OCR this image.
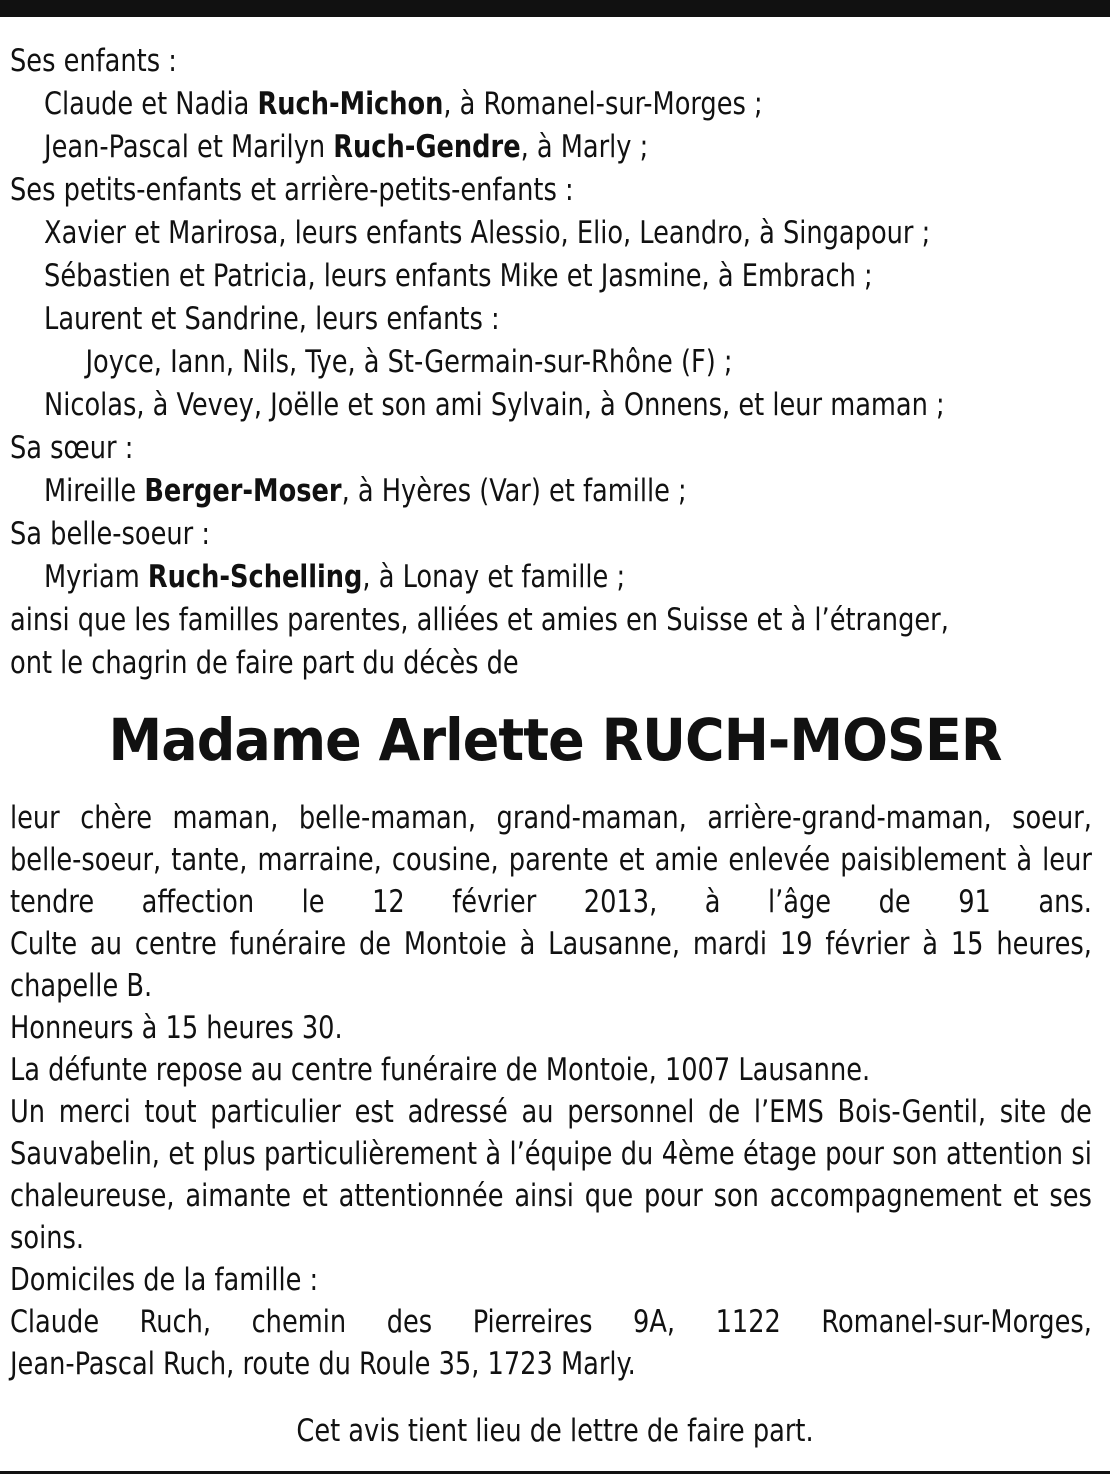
Ses enfants :
Claude et Nadia Ruch-Michon, à Romanel-sur-Morges ;
Jean-Pascal et Marilyn Ruch-Gendre, à Marly ;
Ses petits-enfants et arrière-petits-enfants :
Xavier et Marirosa, leurs enfants Alessio, Elio, Leandro, à Singapour ;
Sébastien et Patricia, leurs enfants Mike et Jasmine, à Embrach ;
Laurent et Sandrine, leurs enfants :
Joyce, Iann, Nils, Tye, à St-Germain-sur-Rhône (F) ;
Nicolas, à Vevey, Joëlle et son ami Sylvain, à Onnens, et leur maman ;
Sa sœur :
Mireille Berger-Moser, à Hyères (Var) et famille ;
Sa belle-soeur :
Myriam Ruch-Schelling, à Lonay et famille ;
ainsi que les familles parentes, alliées et amies en Suisse et à l’étranger,
ont le chagrin de faire part du décès de
Madame Arlette RUCH-MOSER

leur chère maman, belle-maman, grand-maman, arrière-grand-maman, soeur, belle-soeur, tante, marraine, cousine, parente et amie enlevée paisiblement à leur tendre affection le 12 février 2013, à l’âge de 91 ans.

Culte au centre funéraire de Montoie à Lausanne, mardi 19 février à 15 heures, chapelle B.

Honneurs à 15 heures 30.

La défunte repose au centre funéraire de Montoie, 1007 Lausanne.

Un merci tout particulier est adressé au personnel de l’EMS Bois-Gentil, site de Sauvabelin, et plus particulièrement à l’équipe du 4ème étage pour son attention si chaleureuse, aimante et attentionnée ainsi que pour son accompagnement et ses soins.

Domiciles de la famille :

Claude Ruch, chemin des Pierreires 9A, 1122 Romanel-sur-Morges,

Jean-Pascal Ruch, route du Roule 35, 1723 Marly.

Cet avis tient lieu de lettre de faire part.
